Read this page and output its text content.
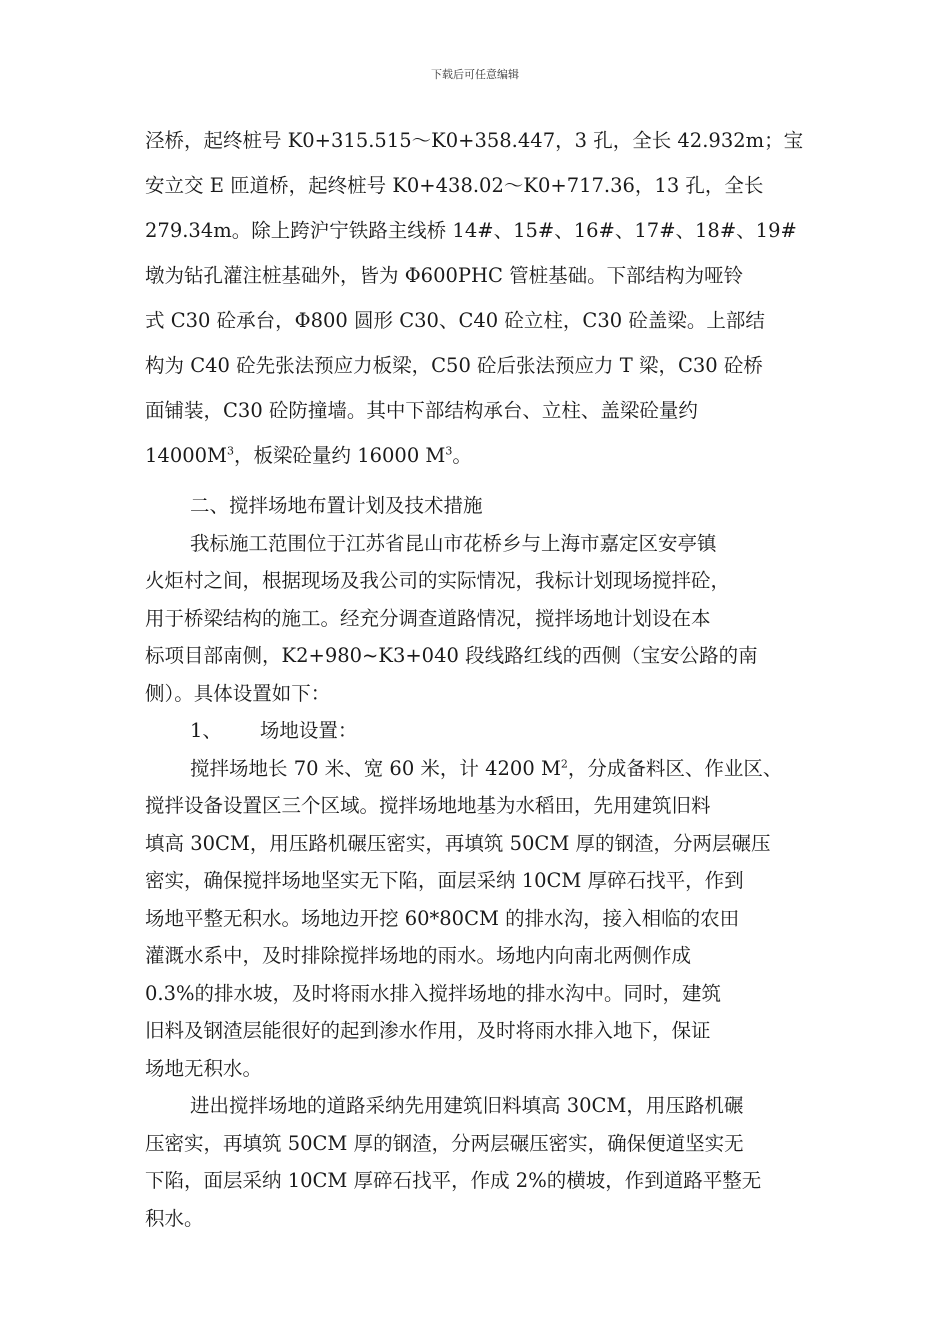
下载后可任意编辑

泾桥，起终桩号 K0+315.515～K0+358.447，3 孔，全长 42.932m；宝

安立交 E 匝道桥，起终桩号 K0+438.02～K0+717.36，13 孔，全长

279.34m。除上跨沪宁铁路主线桥 14#、15#、16#、17#、18#、19#

墩为钻孔灌注桩基础外，皆为 Φ600PHC 管桩基础。下部结构为哑铃

式 C30 砼承台，Φ800 圆形 C30、C40 砼立柱，C30 砼盖梁。上部结

构为 C40 砼先张法预应力板梁，C50 砼后张法预应力 T 梁，C30 砼桥

面铺装，C30 砼防撞墙。其中下部结构承台、立柱、盖梁砼量约

$14000M^3$，板梁砼量约 16000 $M^3$。

二、搅拌场地布置计划及技术措施

我标施工范围位于江苏省昆山市花桥乡与上海市嘉定区安亭镇

火炬村之间，根据现场及我公司的实际情况，我标计划现场搅拌砼，

用于桥梁结构的施工。经充分调查道路情况，搅拌场地计划设在本

标项目部南侧，K2+980~K3+040 段线路红线的西侧（宝安公路的南

侧）。具体设置如下：

1、 场地设置：

搅拌场地长 70 米、宽 60 米，计 4200 $M^2$，分成备料区、作业区、

搅拌设备设置区三个区域。搅拌场地地基为水稻田，先用建筑旧料

填高 30CM，用压路机碾压密实，再填筑 50CM 厚的钢渣，分两层碾压

密实，确保搅拌场地坚实无下陷，面层采纳 10CM 厚碎石找平，作到

场地平整无积水。场地边开挖 60*80CM 的排水沟，接入相临的农田

灌溉水系中，及时排除搅拌场地的雨水。场地内向南北两侧作成

0.3%的排水坡，及时将雨水排入搅拌场地的排水沟中。同时，建筑

旧料及钢渣层能很好的起到渗水作用，及时将雨水排入地下，保证

场地无积水。

进出搅拌场地的道路采纳先用建筑旧料填高 30CM，用压路机碾

压密实，再填筑 50CM 厚的钢渣，分两层碾压密实，确保便道坚实无

下陷，面层采纳 10CM 厚碎石找平，作成 2%的横坡，作到道路平整无

积水。
